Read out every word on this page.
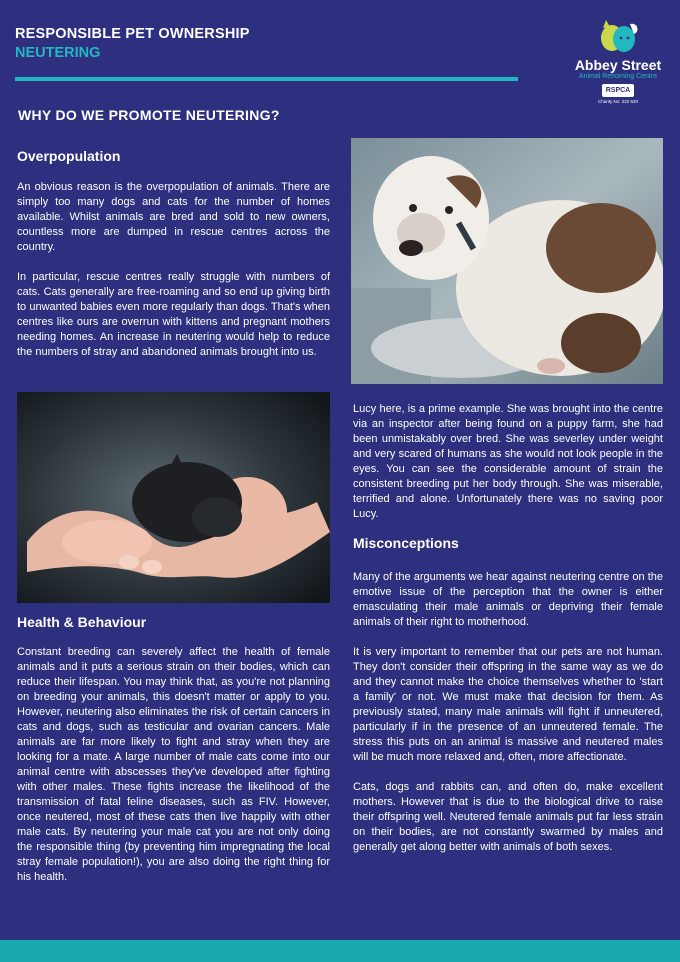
RESPONSIBLE PET OWNERSHIP
NEUTERING
Abbey Street
Animal Rehoming Centre
RSPCA
Charity No: 222 620
WHY DO WE PROMOTE NEUTERING?
Overpopulation

An obvious reason is the overpopulation of animals. There are simply too many dogs and cats for the number of homes available. Whilst animals are bred and sold to new owners, countless more are dumped in rescue centres across the country.

In particular, rescue centres really struggle with numbers of cats. Cats generally are free-roaming and so end up giving birth to unwanted babies even more regularly than dogs. That's when centres like ours are overrun with kittens and pregnant mothers needing homes. An increase in neutering would help to reduce the numbers of stray and abandoned animals brought into us.

Lucy here, is a prime example. She was brought into the centre via an inspector after being found on a puppy farm, she had been unmistakably over bred. She was severley under weight and very scared of humans as she would not look people in the eyes. You can see the considerable amount of strain the consistent breeding put her body through. She was miserable, terrified and alone. Unfortunately there was no saving poor Lucy.

Health & Behaviour

Constant breeding can severely affect the health of female animals and it puts a serious strain on their bodies, which can reduce their lifespan. You may think that, as you're not planning on breeding your animals, this doesn't matter or apply to you. However, neutering also eliminates the risk of certain cancers in cats and dogs, such as testicular and ovarian cancers. Male animals are far more likely to fight and stray when they are looking for a mate. A large number of male cats come into our animal centre with abscesses they've developed after fighting with other males. These fights increase the likelihood of the transmission of fatal feline diseases, such as FIV. However, once neutered, most of these cats then live happily with other male cats. By neutering your male cat you are not only doing the responsible thing (by preventing him impregnating the local stray female population!), you are also doing the right thing for his health.

Misconceptions

Many of the arguments we hear against neutering centre on the emotive issue of the perception that the owner is either emasculating their male animals or depriving their female animals of their right to motherhood.

It is very important to remember that our pets are not human. They don't consider their offspring in the same way as we do and they cannot make the choice themselves whether to 'start a family' or not. We must make that decision for them. As previously stated, many male animals will fight if unneutered, particularly if in the presence of an unneutered female. The stress this puts on an animal is massive and neutered males will be much more relaxed and, often, more affectionate.

Cats, dogs and rabbits can, and often do, make excellent mothers. However that is due to the biological drive to raise their offspring well. Neutered female animals put far less strain on their bodies, are not constantly swarmed by males and generally get along better with animals of both sexes.
